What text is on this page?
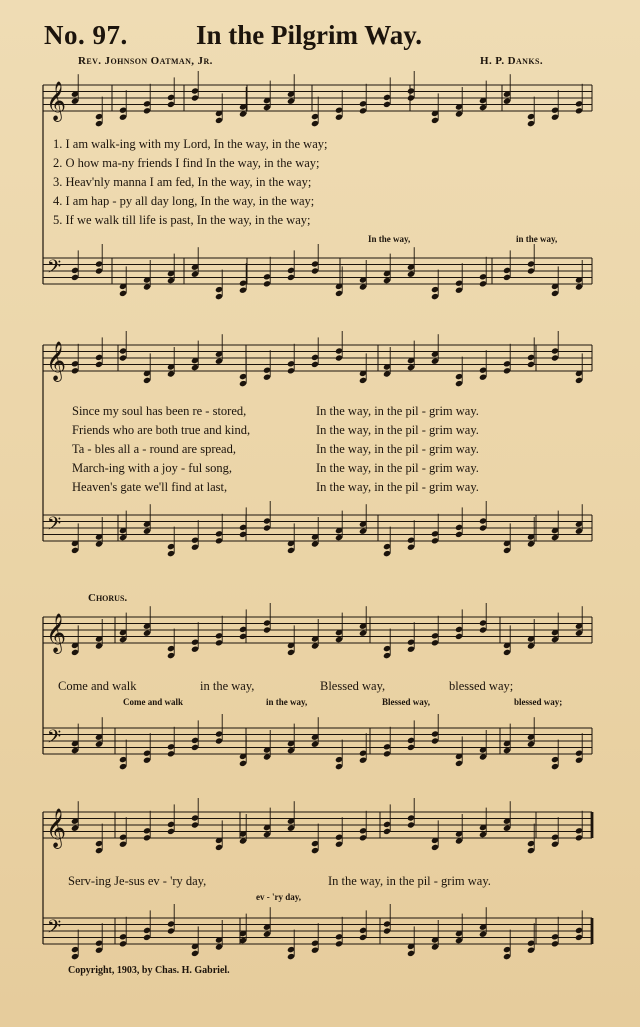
No. 97.	In the Pilgrim Way.
Rev. Johnson Oatman, Jr.	H. P. Danks.
𝄞
𝄢
𝄞
𝄢
𝄞
𝄢
𝄞
𝄢
1. I am walk-ing with my Lord, In the way, in the way;
2. O how ma-ny friends I find In the way, in the way;
3. Heav'nly manna I am fed, In the way, in the way;
4. I am hap - py all day long, In the way, in the way;
5. If we walk till life is past, In the way, in the way;
In the way,	in the way,
Since my soul has been re - stored,
Friends who are both true and kind,
Ta - bles all a - round are spread,
March-ing with a joy - ful song,
Heaven's gate we'll find at last,
In the way, in the pil - grim way.
In the way, in the pil - grim way.
In the way, in the pil - grim way.
In the way, in the pil - grim way.
In the way, in the pil - grim way.
Chorus.
Come and walk	in the way,	Blessed way,	blessed way;
Come and walk	in the way,	Blessed way,	blessed way;
Serv-ing Je-sus ev - 'ry day,	In the way, in the pil - grim way.
ev - 'ry day,
Copyright, 1903, by Chas. H. Gabriel.
